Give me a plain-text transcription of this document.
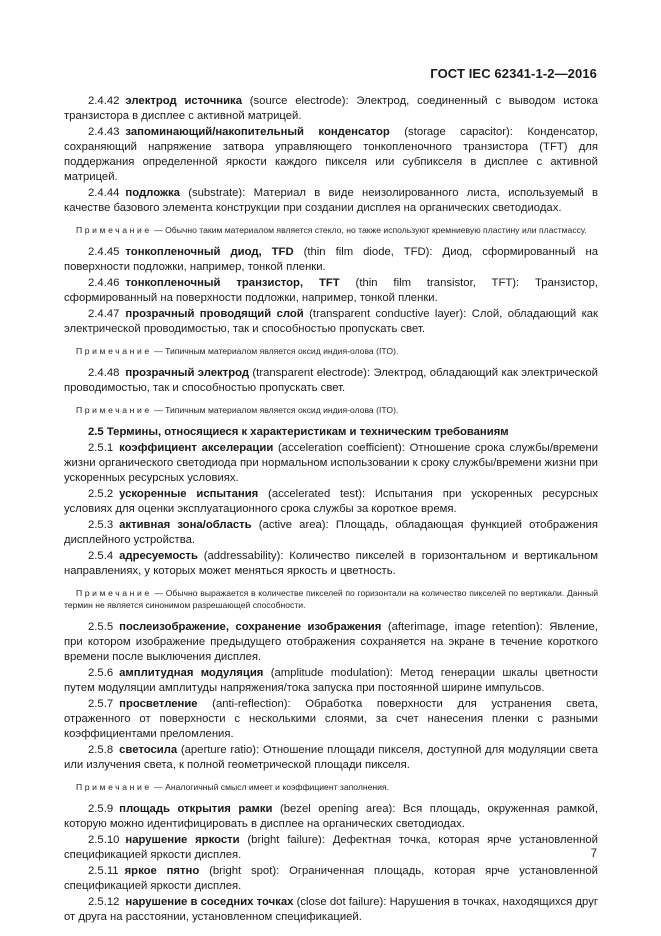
ГОСТ IEC 62341-1-2—2016

2.4.42 электрод источника (source electrode): Электрод, соединенный с выводом истока транзистора в дисплее с активной матрицей.

2.4.43 запоминающий/накопительный конденсатор (storage capacitor): Конденсатор, сохраняющий напряжение затвора управляющего тонкопленочного транзистора (TFT) для поддержания определенной яркости каждого пикселя или субпикселя в дисплее с активной матрицей.

2.4.44 подложка (substrate): Материал в виде неизолированного листа, используемый в качестве базового элемента конструкции при создании дисплея на органических светодиодах.

Примечание — Обычно таким материалом является стекло, но также используют кремниевую пластину или пластмассу.

2.4.45 тонкопленочный диод, TFD (thin film diode, TFD): Диод, сформированный на поверхности подложки, например, тонкой пленки.

2.4.46 тонкопленочный транзистор, TFT (thin film transistor, TFT): Транзистор, сформированный на поверхности подложки, например, тонкой пленки.

2.4.47 прозрачный проводящий слой (transparent conductive layer): Слой, обладающий как электрической проводимостью, так и способностью пропускать свет.

Примечание — Типичным материалом является оксид индия-олова (ITO).

2.4.48 прозрачный электрод (transparent electrode): Электрод, обладающий как электрической проводимостью, так и способностью пропускать свет.

Примечание — Типичным материалом является оксид индия-олова (ITO).

2.5 Термины, относящиеся к характеристикам и техническим требованиям

2.5.1 коэффициент акселерации (acceleration coefficient): Отношение срока службы/времени жизни органического светодиода при нормальном использовании к сроку службы/времени жизни при ускоренных ресурсных условиях.

2.5.2 ускоренные испытания (accelerated test): Испытания при ускоренных ресурсных условиях для оценки эксплуатационного срока службы за короткое время.

2.5.3 активная зона/область (active area): Площадь, обладающая функцией отображения дисплейного устройства.

2.5.4 адресуемость (addressability): Количество пикселей в горизонтальном и вертикальном направлениях, у которых может меняться яркость и цветность.

Примечание — Обычно выражается в количестве пикселей по горизонтали на количество пикселей по вертикали. Данный термин не является синонимом разрешающей способности.

2.5.5 послеизображение, сохранение изображения (afterimage, image retention): Явление, при котором изображение предыдущего отображения сохраняется на экране в течение короткого времени после выключения дисплея.

2.5.6 амплитудная модуляция (amplitude modulation): Метод генерации шкалы цветности путем модуляции амплитуды напряжения/тока запуска при постоянной ширине импульсов.

2.5.7 просветление (anti-reflection): Обработка поверхности для устранения света, отраженного от поверхности с несколькими слоями, за счет нанесения пленки с разными коэффициентами преломления.

2.5.8 светосила (aperture ratio): Отношение площади пикселя, доступной для модуляции света или излучения света, к полной геометрической площади пикселя.

Примечание — Аналогичный смысл имеет и коэффициент заполнения.

2.5.9 площадь открытия рамки (bezel opening area): Вся площадь, окруженная рамкой, которую можно идентифицировать в дисплее на органических светодиодах.

2.5.10 нарушение яркости (bright failure): Дефектная точка, которая ярче установленной спецификацией яркости дисплея.

2.5.11 яркое пятно (bright spot): Ограниченная площадь, которая ярче установленной спецификацией яркости дисплея.

2.5.12 нарушение в соседних точках (close dot failure): Нарушения в точках, находящихся друг от друга на расстоянии, установленном спецификацией.

7
